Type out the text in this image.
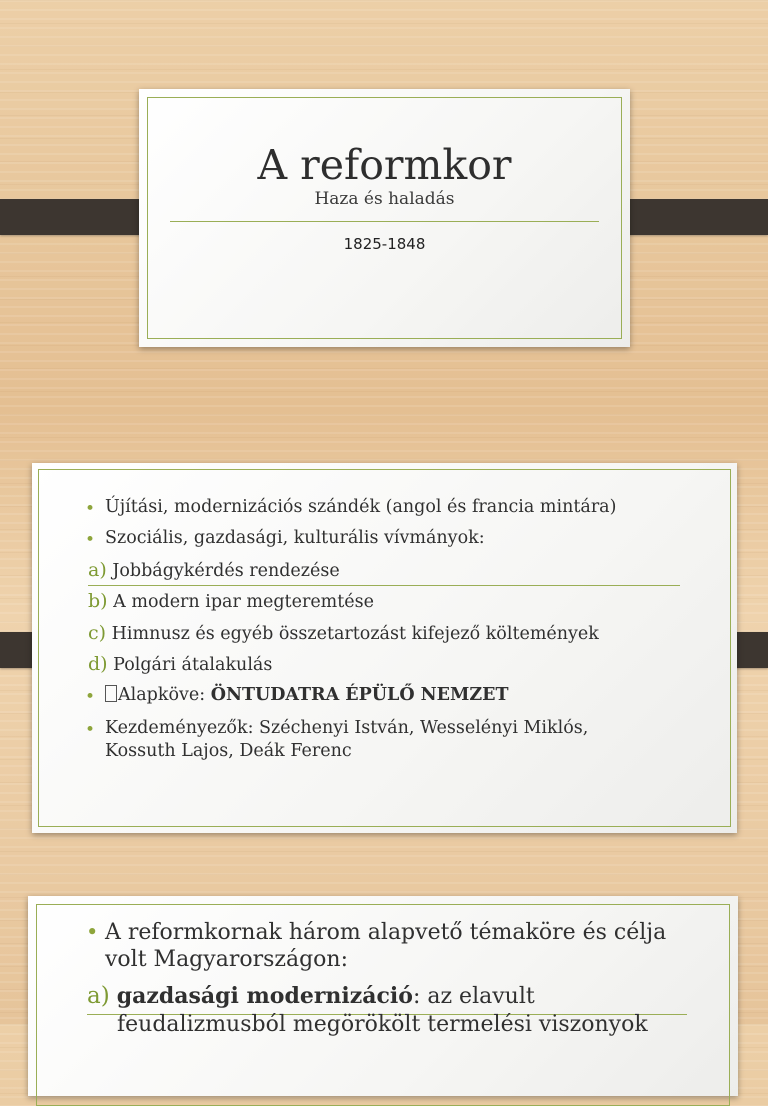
A reformkor
Haza és haladás
1825-1848
• Újítási, modernizációs szándék (angol és francia mintára)
• Szociális, gazdasági, kulturális vívmányok:
a) Jobbágykérdés rendezése
b) A modern ipar megteremtése
c) Himnusz és egyéb összetartozást kifejező költemények
d) Polgári átalakulás
•	Alapköve: ÖNTUDATRA ÉPÜLŐ NEMZET
• Kezdeményezők: Széchenyi István, Wesselényi Miklós,
Kossuth Lajos, Deák Ferenc
• A reformkornak három alapvető témaköre és célja
volt Magyarországon:
a) gazdasági modernizáció: az elavult
feudalizmusból megörökölt termelési viszonyok
